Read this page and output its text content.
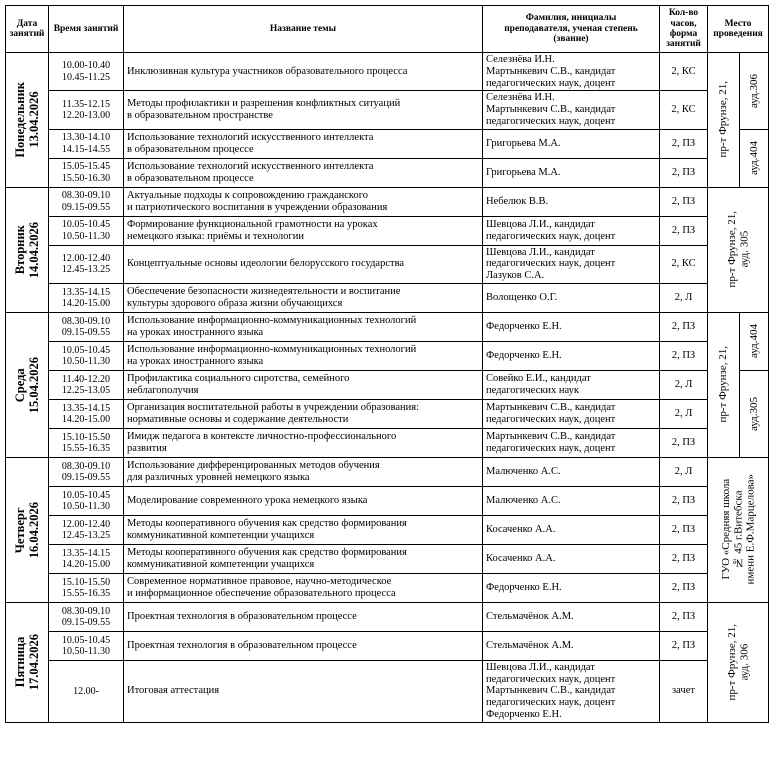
Дата
занятий	Время занятий	Название темы	Фамилия, инициалы
преподавателя, ученая степень
(звание)	Кол-во
часов,
форма
занятий	Место
проведения	

Понедельник
13.04.2026	10.00-10.40
10.45-11.25	Инклюзивная культура участников образовательного процесса	Селезнёва И.Н.
Мартынкевич С.В., кандидат
педагогических наук, доцент	2, КС	пр-т Фрунзе, 21,	ауд.306

	11.35-12.15
12.20-13.00	Методы профилактики и разрешения конфликтных ситуаций
в образовательном пространстве	Селезнёва И.Н.
Мартынкевич С.В., кандидат
педагогических наук, доцент	2, КС		
	13.30-14.10
14.15-14.55	Использование технологий искусственного интеллекта
в образовательном процессе	Григорьева М.А.	2, ПЗ		ауд.404

	15.05-15.45
15.50-16.30	Использование технологий искусственного интеллекта
в образовательном процессе	Григорьева М.А.	2, ПЗ		

Вторник
14.04.2026	08.30-09.10
09.15-09.55	Актуальные подходы к сопровождению гражданского
и патриотического воспитания в учреждении образования	Небелюк В.В.	2, ПЗ	пр-т Фрунзе, 21,
ауд. 305	

	10.05-10.45
10.50-11.30	Формирование функциональной грамотности на уроках
немецкого языка: приёмы и технологии	Шевцова Л.И., кандидат
педагогических наук, доцент	2, ПЗ		
	12.00-12.40
12.45-13.25	Концептуальные основы идеологии белорусского государства	Шевцова Л.И., кандидат
педагогических наук, доцент
Лазуков С.А.	2, КС		
	13.35-14.15
14.20-15.00	Обеспечение безопасности жизнедеятельности и воспитание
культуры здорового образа жизни обучающихся	Волощенко О.Г.	2, Л		

Среда
15.04.2026	08.30-09.10
09.15-09.55	Использование информационно-коммуникационных технологий
на уроках иностранного языка	Федорченко Е.Н.	2, ПЗ	пр-т Фрунзе, 21,	ауд.404

	10.05-10.45
10.50-11.30	Использование информационно-коммуникационных технологий
на уроках иностранного языка	Федорченко Е.Н.	2, ПЗ		
	11.40-12.20
12.25-13.05	Профилактика социального сиротства, семейного
неблагополучия	Совейко Е.И., кандидат
педагогических наук	2, Л		ауд.305

	13.35-14.15
14.20-15.00	Организация воспитательной работы в учреждении образования:
нормативные основы и содержание деятельности	Мартынкевич С.В., кандидат
педагогических наук, доцент	2, Л		
	15.10-15.50
15.55-16.35	Имидж педагога в контексте личностно-профессионального
развития	Мартынкевич С.В., кандидат
педагогических наук, доцент	2, ПЗ		

Четверг
16.04.2026	08.30-09.10
09.15-09.55	Использование дифференцированных методов обучения
для различных уровней немецкого языка	Малюченко А.С.	2, Л	ГУО «Средняя школа
№ 45 г.Витебска
имени Е.Ф.Марцелова»	

	10.05-10.45
10.50-11.30	Моделирование современного урока немецкого языка	Малюченко А.С.	2, ПЗ		
	12.00-12.40
12.45-13.25	Методы кооперативного обучения как средство формирования
коммуникативной компетенции учащихся	Косаченко А.А.	2, ПЗ		
	13.35-14.15
14.20-15.00	Методы кооперативного обучения как средство формирования
коммуникативной компетенции учащихся	Косаченко А.А.	2, ПЗ		
	15.10-15.50
15.55-16.35	Современное нормативное правовое, научно-методическое
и информационное обеспечение образовательного процесса	Федорченко Е.Н.	2, ПЗ		

Пятница
17.04.2026	08.30-09.10
09.15-09.55	Проектная технология в образовательном процессе	Стельмачёнок А.М.	2, ПЗ	пр-т Фрунзе, 21,
ауд. 306	

	10.05-10.45
10.50-11.30	Проектная технология в образовательном процессе	Стельмачёнок А.М.	2, ПЗ		
	12.00-	Итоговая аттестация	Шевцова Л.И., кандидат
педагогических наук, доцент
Мартынкевич С.В., кандидат
педагогических наук, доцент
Федорченко Е.Н.	зачет		
